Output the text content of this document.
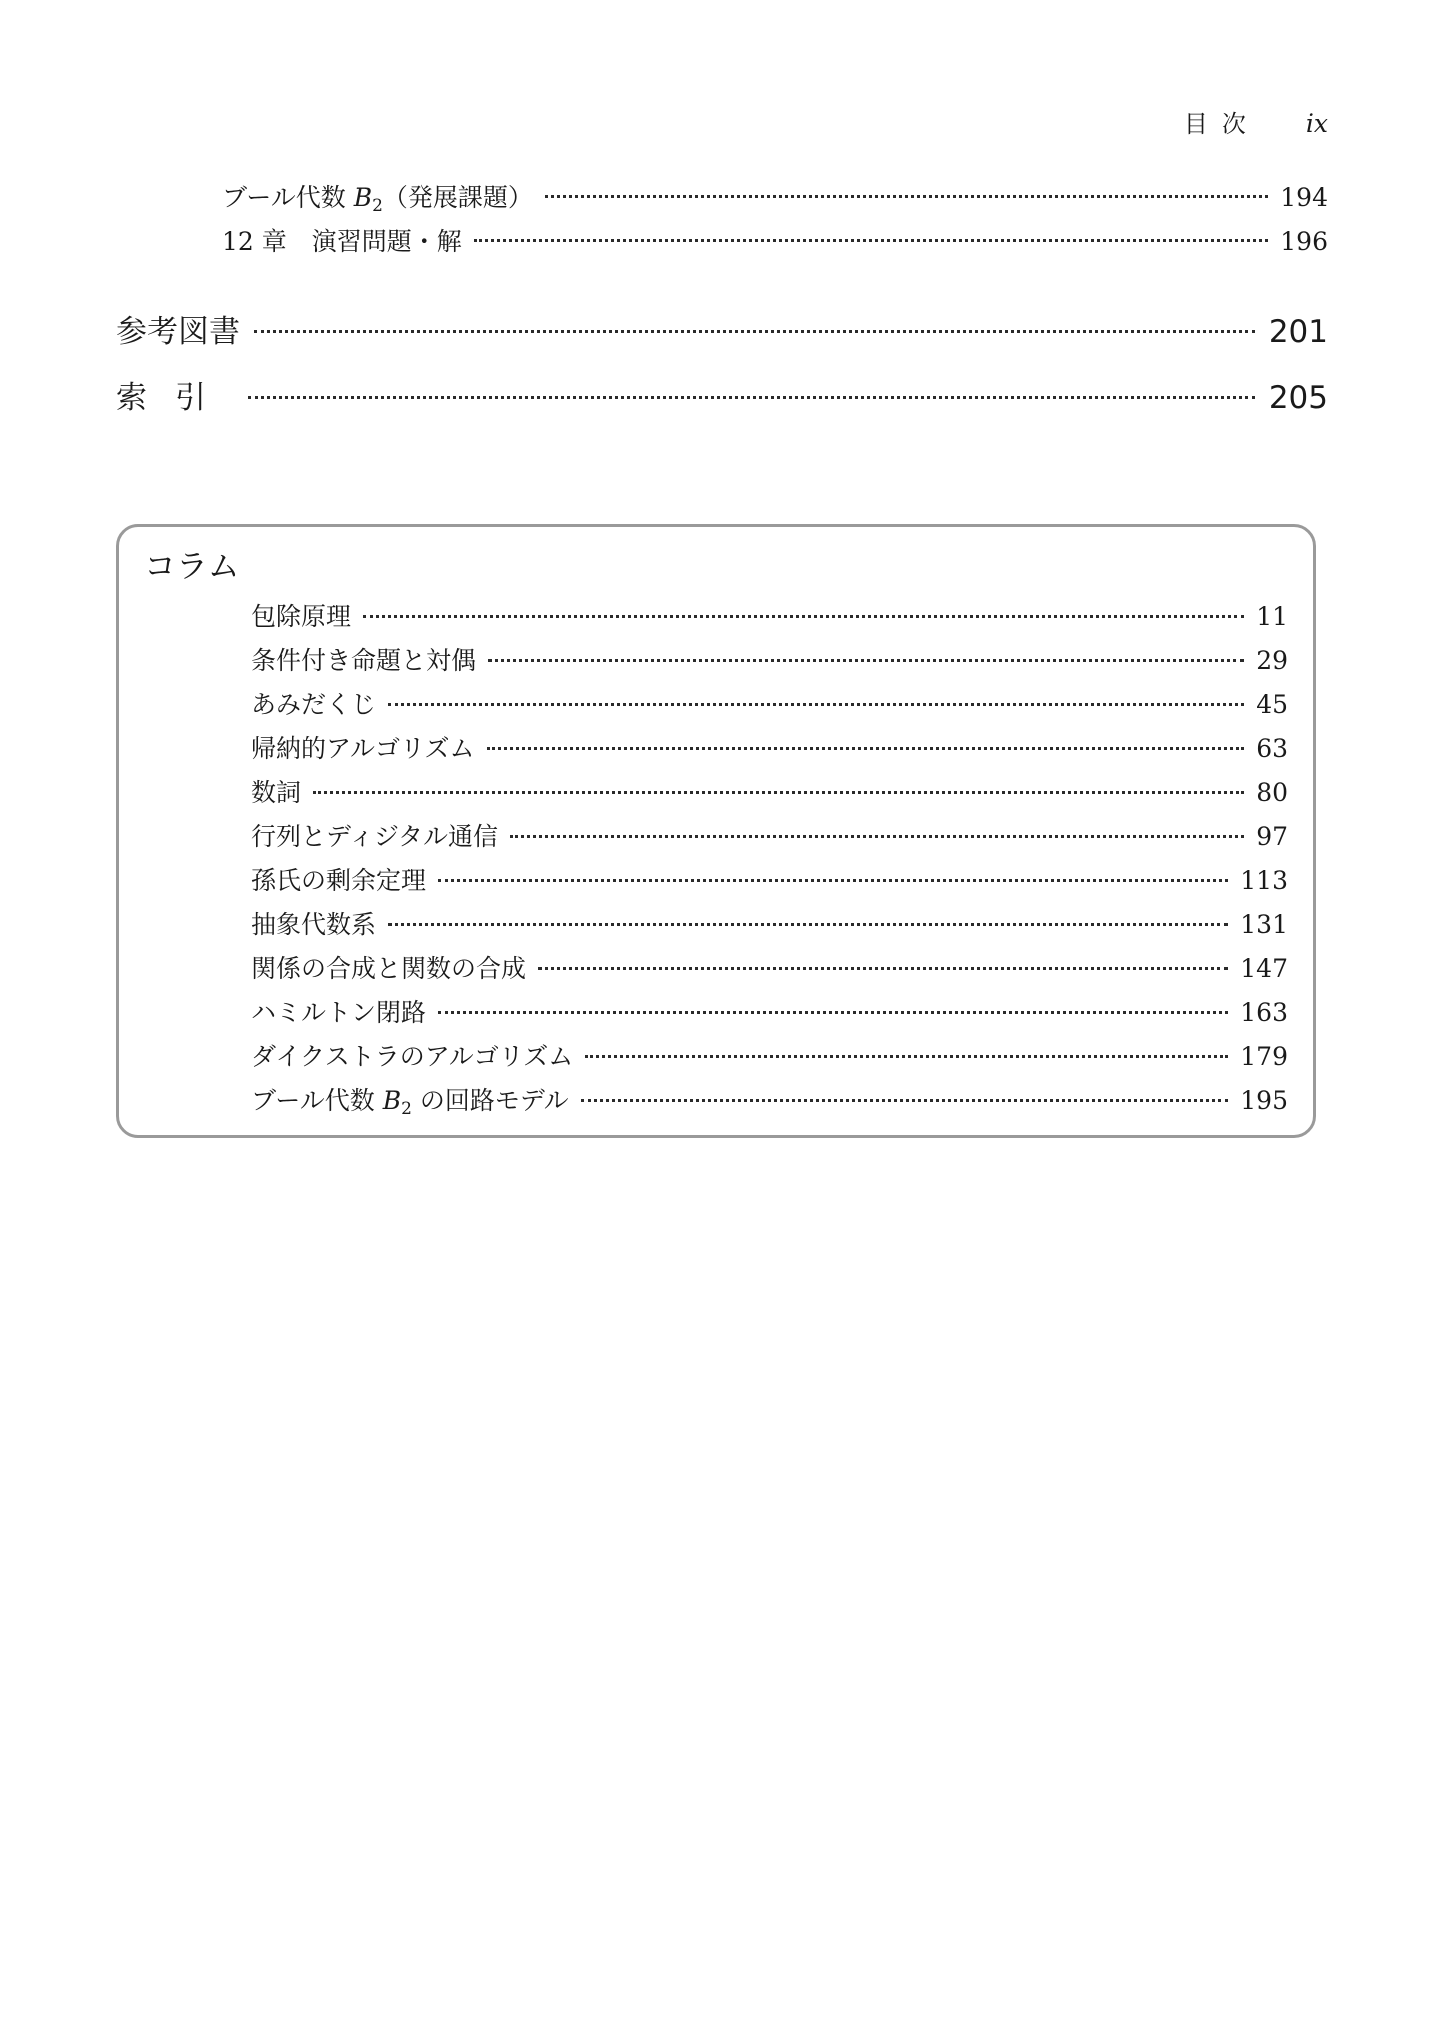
目次 ix
ブール代数 $B_2$（発展課題）	194
12 章　演習問題・解	196
参考図書	201
索引	205
コラム
包除原理	11
条件付き命題と対偶	29
あみだくじ	45
帰納的アルゴリズム	63
数詞	80
行列とディジタル通信	97
孫氏の剰余定理	113
抽象代数系	131
関係の合成と関数の合成	147
ハミルトン閉路	163
ダイクストラのアルゴリズム	179
ブール代数 $B_2$ の回路モデル	195
